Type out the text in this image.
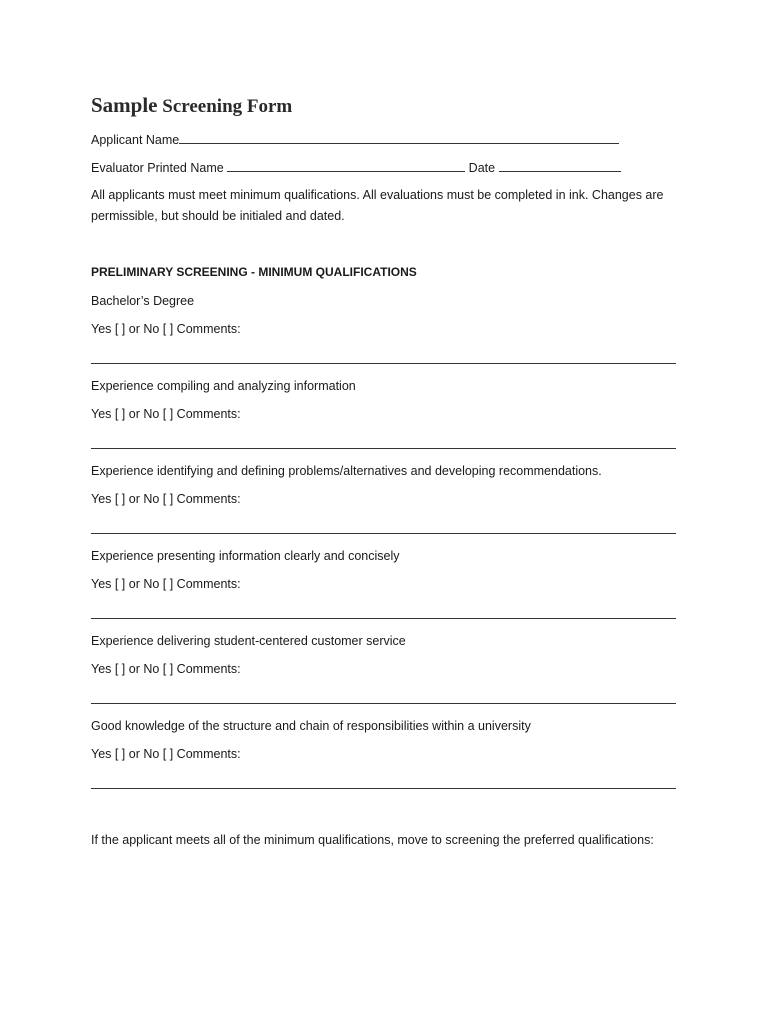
Sample Screening Form
Applicant Name
Evaluator Printed Name	Date
All applicants must meet minimum qualifications. All evaluations must be completed in ink. Changes are permissible, but should be initialed and dated.
PRELIMINARY SCREENING - MINIMUM QUALIFICATIONS
Bachelor’s Degree
Yes [ ] or No [ ] Comments:
Experience compiling and analyzing information
Yes [ ] or No [ ] Comments:
Experience identifying and defining problems/alternatives and developing recommendations.
Yes [ ] or No [ ] Comments:
Experience presenting information clearly and concisely
Yes [ ] or No [ ] Comments:
Experience delivering student-centered customer service
Yes [ ] or No [ ] Comments:
Good knowledge of the structure and chain of responsibilities within a university
Yes [ ] or No [ ] Comments:
If the applicant meets all of the minimum qualifications, move to screening the preferred qualifications:
